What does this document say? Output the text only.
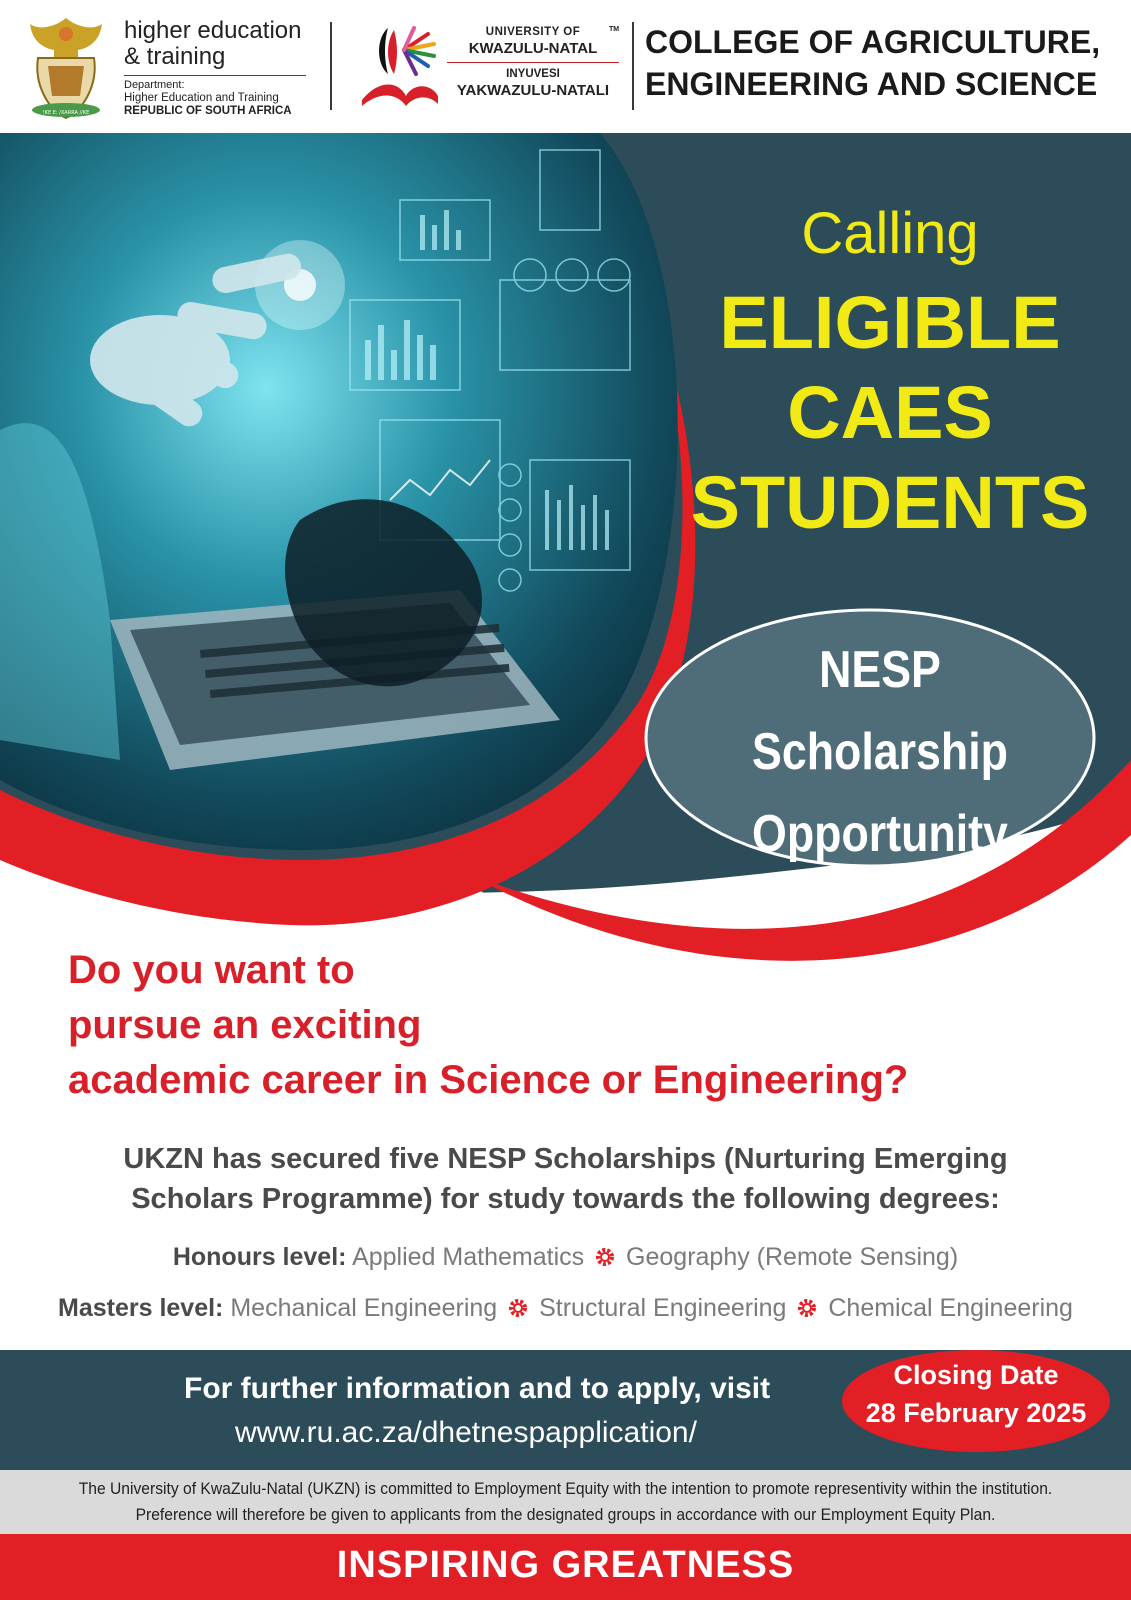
!KE E: /XARRA //KE
higher education
& training
Department:
Higher Education and Training
REPUBLIC OF SOUTH AFRICA
UNIVERSITY OF
KWAZULU-NATAL
INYUVESI
YAKWAZULU-NATALI
TM COLLEGE OF AGRICULTURE,
ENGINEERING AND SCIENCE
Calling
ELIGIBLE
CAES
STUDENTS
NESP
Scholarship
Opportunity
Do you want to
pursue an exciting
academic career in Science or Engineering?
UKZN has secured five NESP Scholarships (Nurturing Emerging
Scholars Programme) for study towards the following degrees:
Honours level: Applied Mathematics Geography (Remote Sensing)
Masters level: Mechanical Engineering Structural Engineering Chemical Engineering
For further information and to apply, visit
www.ru.ac.za/dhetnespapplication/
Closing Date
28 February 2025
The University of KwaZulu-Natal (UKZN) is committed to Employment Equity with the intention to promote representivity within the institution.
Preference will therefore be given to applicants from the designated groups in accordance with our Employment Equity Plan.
INSPIRING GREATNESS
